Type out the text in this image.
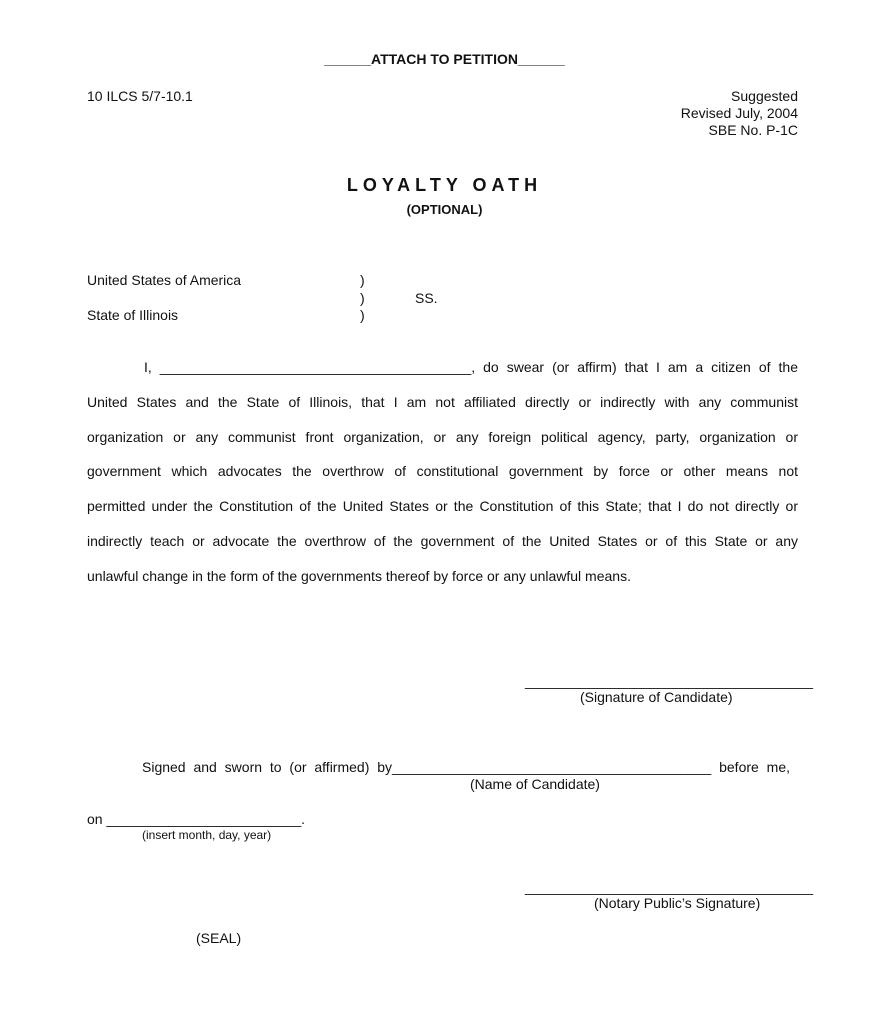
______ATTACH TO PETITION______
10 ILCS 5/7-10.1	Suggested
Revised July, 2004
SBE No. P-1C
LOYALTY OATH
(OPTIONAL)
United States of America
State of Illinois
)
)
)
SS.
I, ________________________________________, do swear (or affirm) that I am a citizen of the
United States and the State of Illinois, that I am not affiliated directly or indirectly with any communist
organization or any communist front organization, or any foreign political agency, party, organization or
government which advocates the overthrow of constitutional government by force or other means not
permitted under the Constitution of the United States or the Constitution of this State; that I do not directly or
indirectly teach or advocate the overthrow of the government of the United States or of this State or any
unlawful change in the form of the governments thereof by force or any unlawful means.
_____________________________________
(Signature of Candidate)
Signed and sworn to (or affirmed) by_________________________________________ before me,
(Name of Candidate)
on _________________________.
(insert month, day, year)
_____________________________________
(Notary Public’s Signature)
(SEAL)
